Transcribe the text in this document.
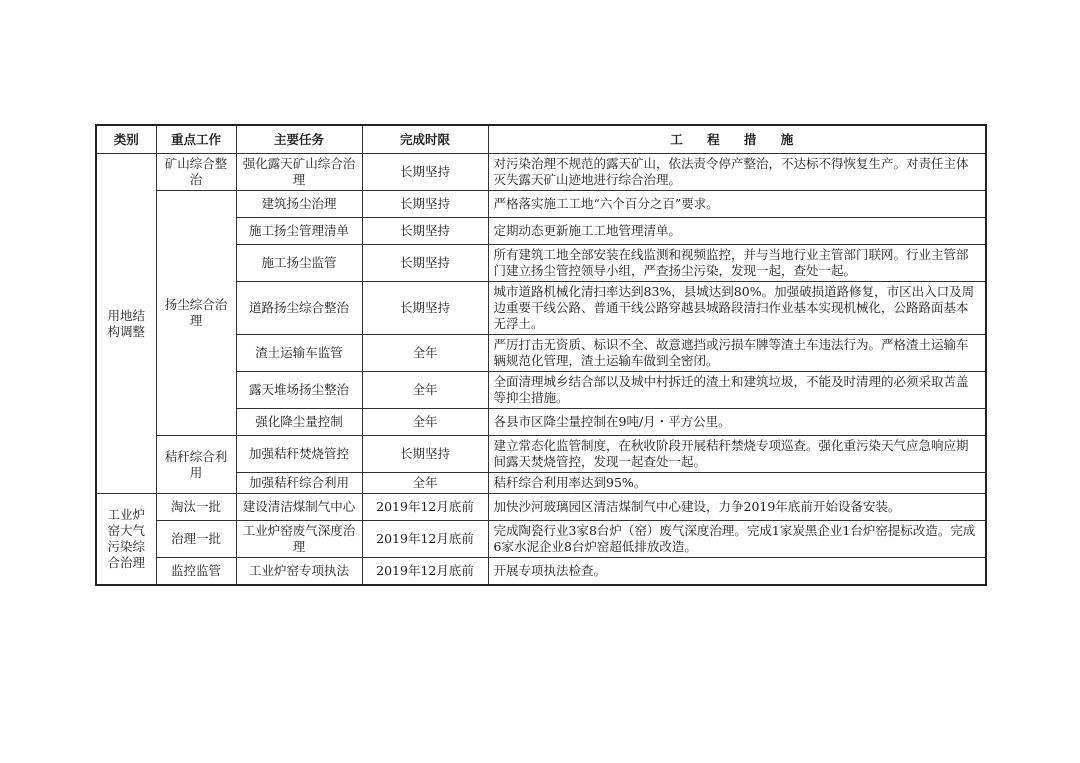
类别	重点工作	主要任务	完成时限	工 程 措 施
用地结构调整	矿山综合整治	强化露天矿山综合治理	长期坚持	对污染治理不规范的露天矿山，依法责令停产整治，不达标不得恢复生产。对责任主体灭失露天矿山迹地进行综合治理。
	扬尘综合治理	建筑扬尘治理	长期坚持	严格落实施工工地“六个百分之百”要求。
		施工扬尘管理清单	长期坚持	定期动态更新施工工地管理清单。
		施工扬尘监管	长期坚持	所有建筑工地全部安装在线监测和视频监控，并与当地行业主管部门联网。行业主管部门建立扬尘管控领导小组，严查扬尘污染，发现一起，查处一起。
		道路扬尘综合整治	长期坚持	城市道路机械化清扫率达到83%，县城达到80%。加强破损道路修复，市区出入口及周边重要干线公路、普通干线公路穿越县城路段清扫作业基本实现机械化，公路路面基本无浮土。
		渣土运输车监管	全年	严厉打击无资质、标识不全、故意遮挡或污损车牌等渣土车违法行为。严格渣土运输车辆规范化管理，渣土运输车做到全密闭。
		露天堆场扬尘整治	全年	全面清理城乡结合部以及城中村拆迁的渣土和建筑垃圾，不能及时清理的必须采取苫盖等抑尘措施。
		强化降尘量控制	全年	各县市区降尘量控制在9吨/月・平方公里。
	秸秆综合利用	加强秸秆焚烧管控	长期坚持	建立常态化监管制度，在秋收阶段开展秸秆禁烧专项巡查。强化重污染天气应急响应期间露天焚烧管控，发现一起查处一起。
		加强秸秆综合利用	全年	秸秆综合利用率达到95%。
工业炉窑大气污染综合治理	淘汰一批	建设清洁煤制气中心	2019年12月底前	加快沙河玻璃园区清洁煤制气中心建设，力争2019年底前开始设备安装。
	治理一批	工业炉窑废气深度治理	2019年12月底前	完成陶瓷行业3家8台炉（窑）废气深度治理。完成1家炭黑企业1台炉窑提标改造。完成6家水泥企业8台炉窑超低排放改造。
	监控监管	工业炉窑专项执法	2019年12月底前	开展专项执法检查。
